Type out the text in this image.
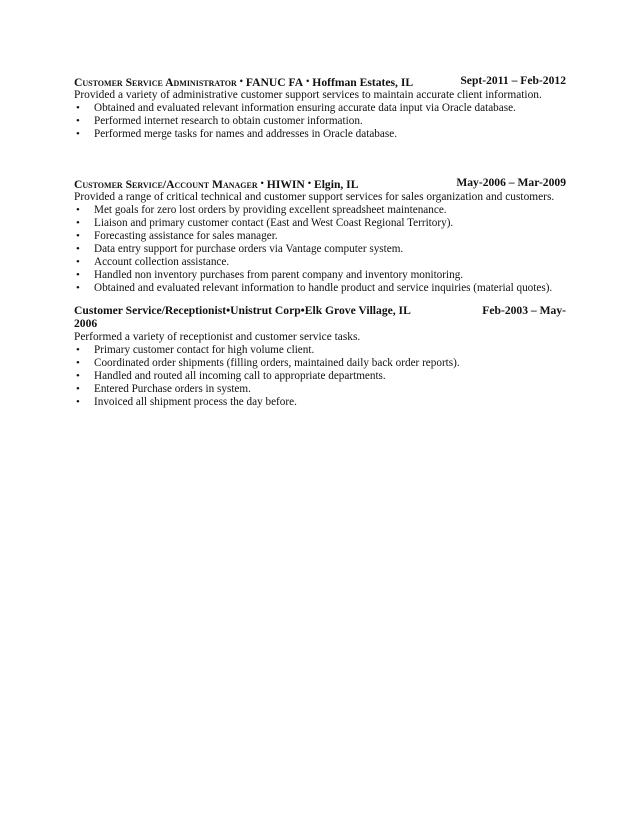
Customer Service Administrator • FANUC FA • Hoffman Estates, IL	Sept-2011 – Feb-2012
Provided a variety of administrative customer support services to maintain accurate client information.
• Obtained and evaluated relevant information ensuring accurate data input via Oracle database.
• Performed internet research to obtain customer information.
• Performed merge tasks for names and addresses in Oracle database.
Customer Service/Account Manager • HIWIN • Elgin, IL	May-2006 – Mar-2009
Provided a range of critical technical and customer support services for sales organization and customers.
• Met goals for zero lost orders by providing excellent spreadsheet maintenance.
• Liaison and primary customer contact (East and West Coast Regional Territory).
• Forecasting assistance for sales manager.
• Data entry support for purchase orders via Vantage computer system.
• Account collection assistance.
• Handled non inventory purchases from parent company and inventory monitoring.
• Obtained and evaluated relevant information to handle product and service inquiries (material quotes).
Customer Service/Receptionist•Unistrut Corp•Elk Grove Village, IL	Feb-2003 – May-
2006
Performed a variety of receptionist and customer service tasks.
• Primary customer contact for high volume client.
• Coordinated order shipments (filling orders, maintained daily back order reports).
• Handled and routed all incoming call to appropriate departments.
• Entered Purchase orders in system.
• Invoiced all shipment process the day before.
